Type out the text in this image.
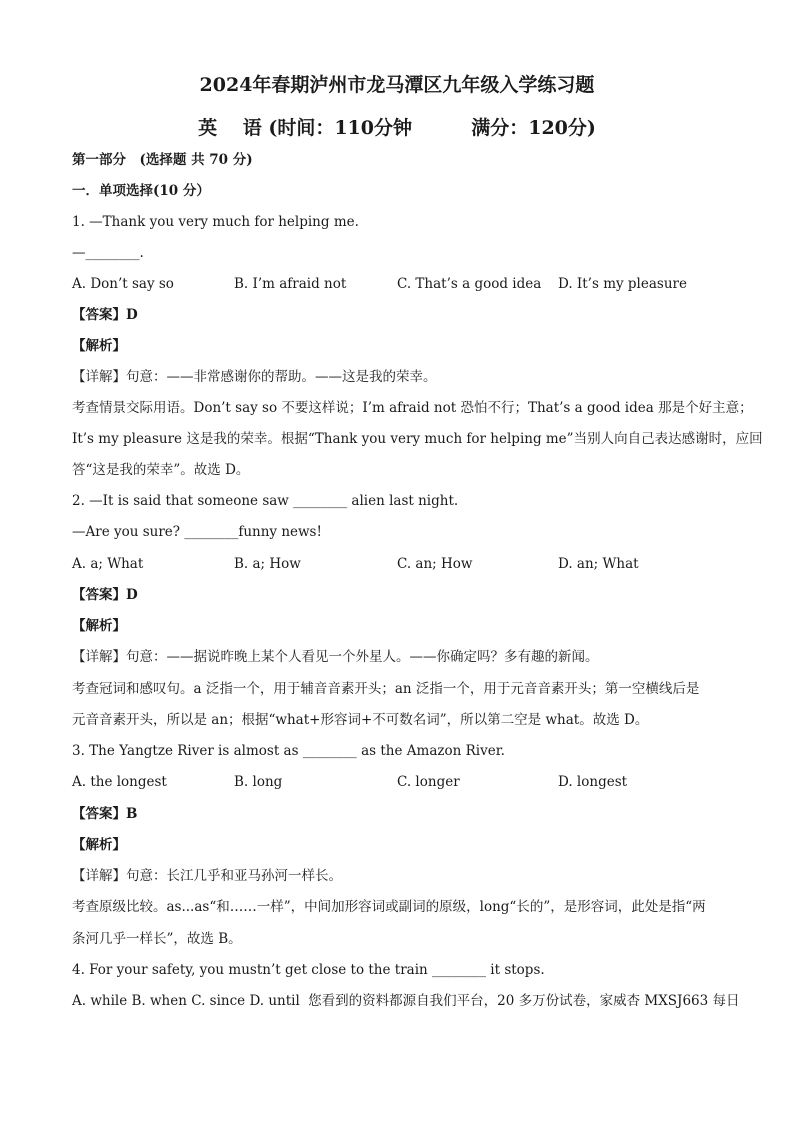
2024年春期泸州市龙马潭区九年级入学练习题
英　 语 (时间：110分钟	满分：120分)
第一部分　(选择题 共 70 分)
一．单项选择(10 分）
1. —Thank you very much for helping me.
—________.
A. Don’t say so	B. I’m afraid not	C. That’s a good idea D. It’s my pleasure
【答案】D
【解析】
【详解】句意：——非常感谢你的帮助。——这是我的荣幸。
考查情景交际用语。Don’t say so 不要这样说；I’m afraid not 恐怕不行；That’s a good idea 那是个好主意；
It’s my pleasure 这是我的荣幸。根据“Thank you very much for helping me”当别人向自己表达感谢时，应回
答“这是我的荣幸”。故选 D。
2. —It is said that someone saw ________ alien last night.
—Are you sure? ________funny news!
A. a; What	B. a; How	C. an; How	D. an; What
【答案】D
【解析】
【详解】句意：——据说昨晚上某个人看见一个外星人。——你确定吗？多有趣的新闻。
考查冠词和感叹句。a 泛指一个，用于辅音音素开头；an 泛指一个，用于元音音素开头；第一空横线后是
元音音素开头，所以是 an；根据“what+形容词+不可数名词”，所以第二空是 what。故选 D。
3. The Yangtze River is almost as ________ as the Amazon River.
A. the longest	B. long	C. longer	D. longest
【答案】B
【解析】
【详解】句意：长江几乎和亚马孙河一样长。
考查原级比较。as...as“和……一样”，中间加形容词或副词的原级，long“长的”，是形容词，此处是指“两
条河几乎一样长”，故选 B。
4. For your safety, you mustn’t get close to the train ________ it stops.
A. while B. when C. since D. until 您看到的资料都源自我们平台，20 多万份试卷，家威杏 MXSJ663 每日
